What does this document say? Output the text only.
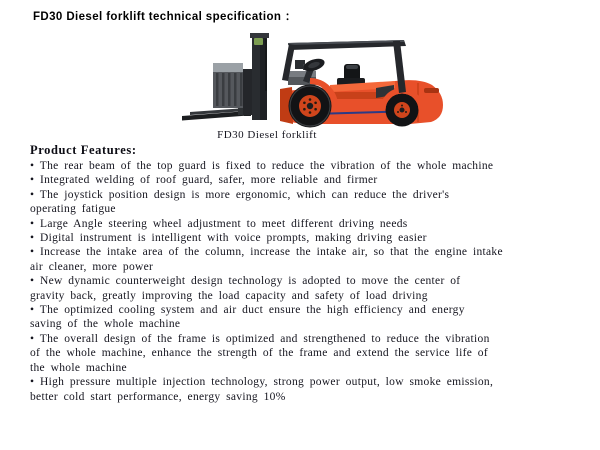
FD30 Diesel forklift technical specification ：
FD30 Diesel forklift
Product Features:
• The rear beam of the top guard is fixed to reduce the vibration of the whole machine
• Integrated welding of roof guard, safer, more reliable and firmer
• The joystick position design is more ergonomic, which can reduce the driver's
operating fatigue
• Large Angle steering wheel adjustment to meet different driving needs
• Digital instrument is intelligent with voice prompts, making driving easier
• Increase the intake area of the column, increase the intake air, so that the engine intake
air cleaner, more power
• New dynamic counterweight design technology is adopted to move the center of
gravity back, greatly improving the load capacity and safety of load driving
• The optimized cooling system and air duct ensure the high efficiency and energy
saving of the whole machine
• The overall design of the frame is optimized and strengthened to reduce the vibration
of the whole machine, enhance the strength of the frame and extend the service life of
the whole machine
• High pressure multiple injection technology, strong power output, low smoke emission,
better cold start performance, energy saving 10%
